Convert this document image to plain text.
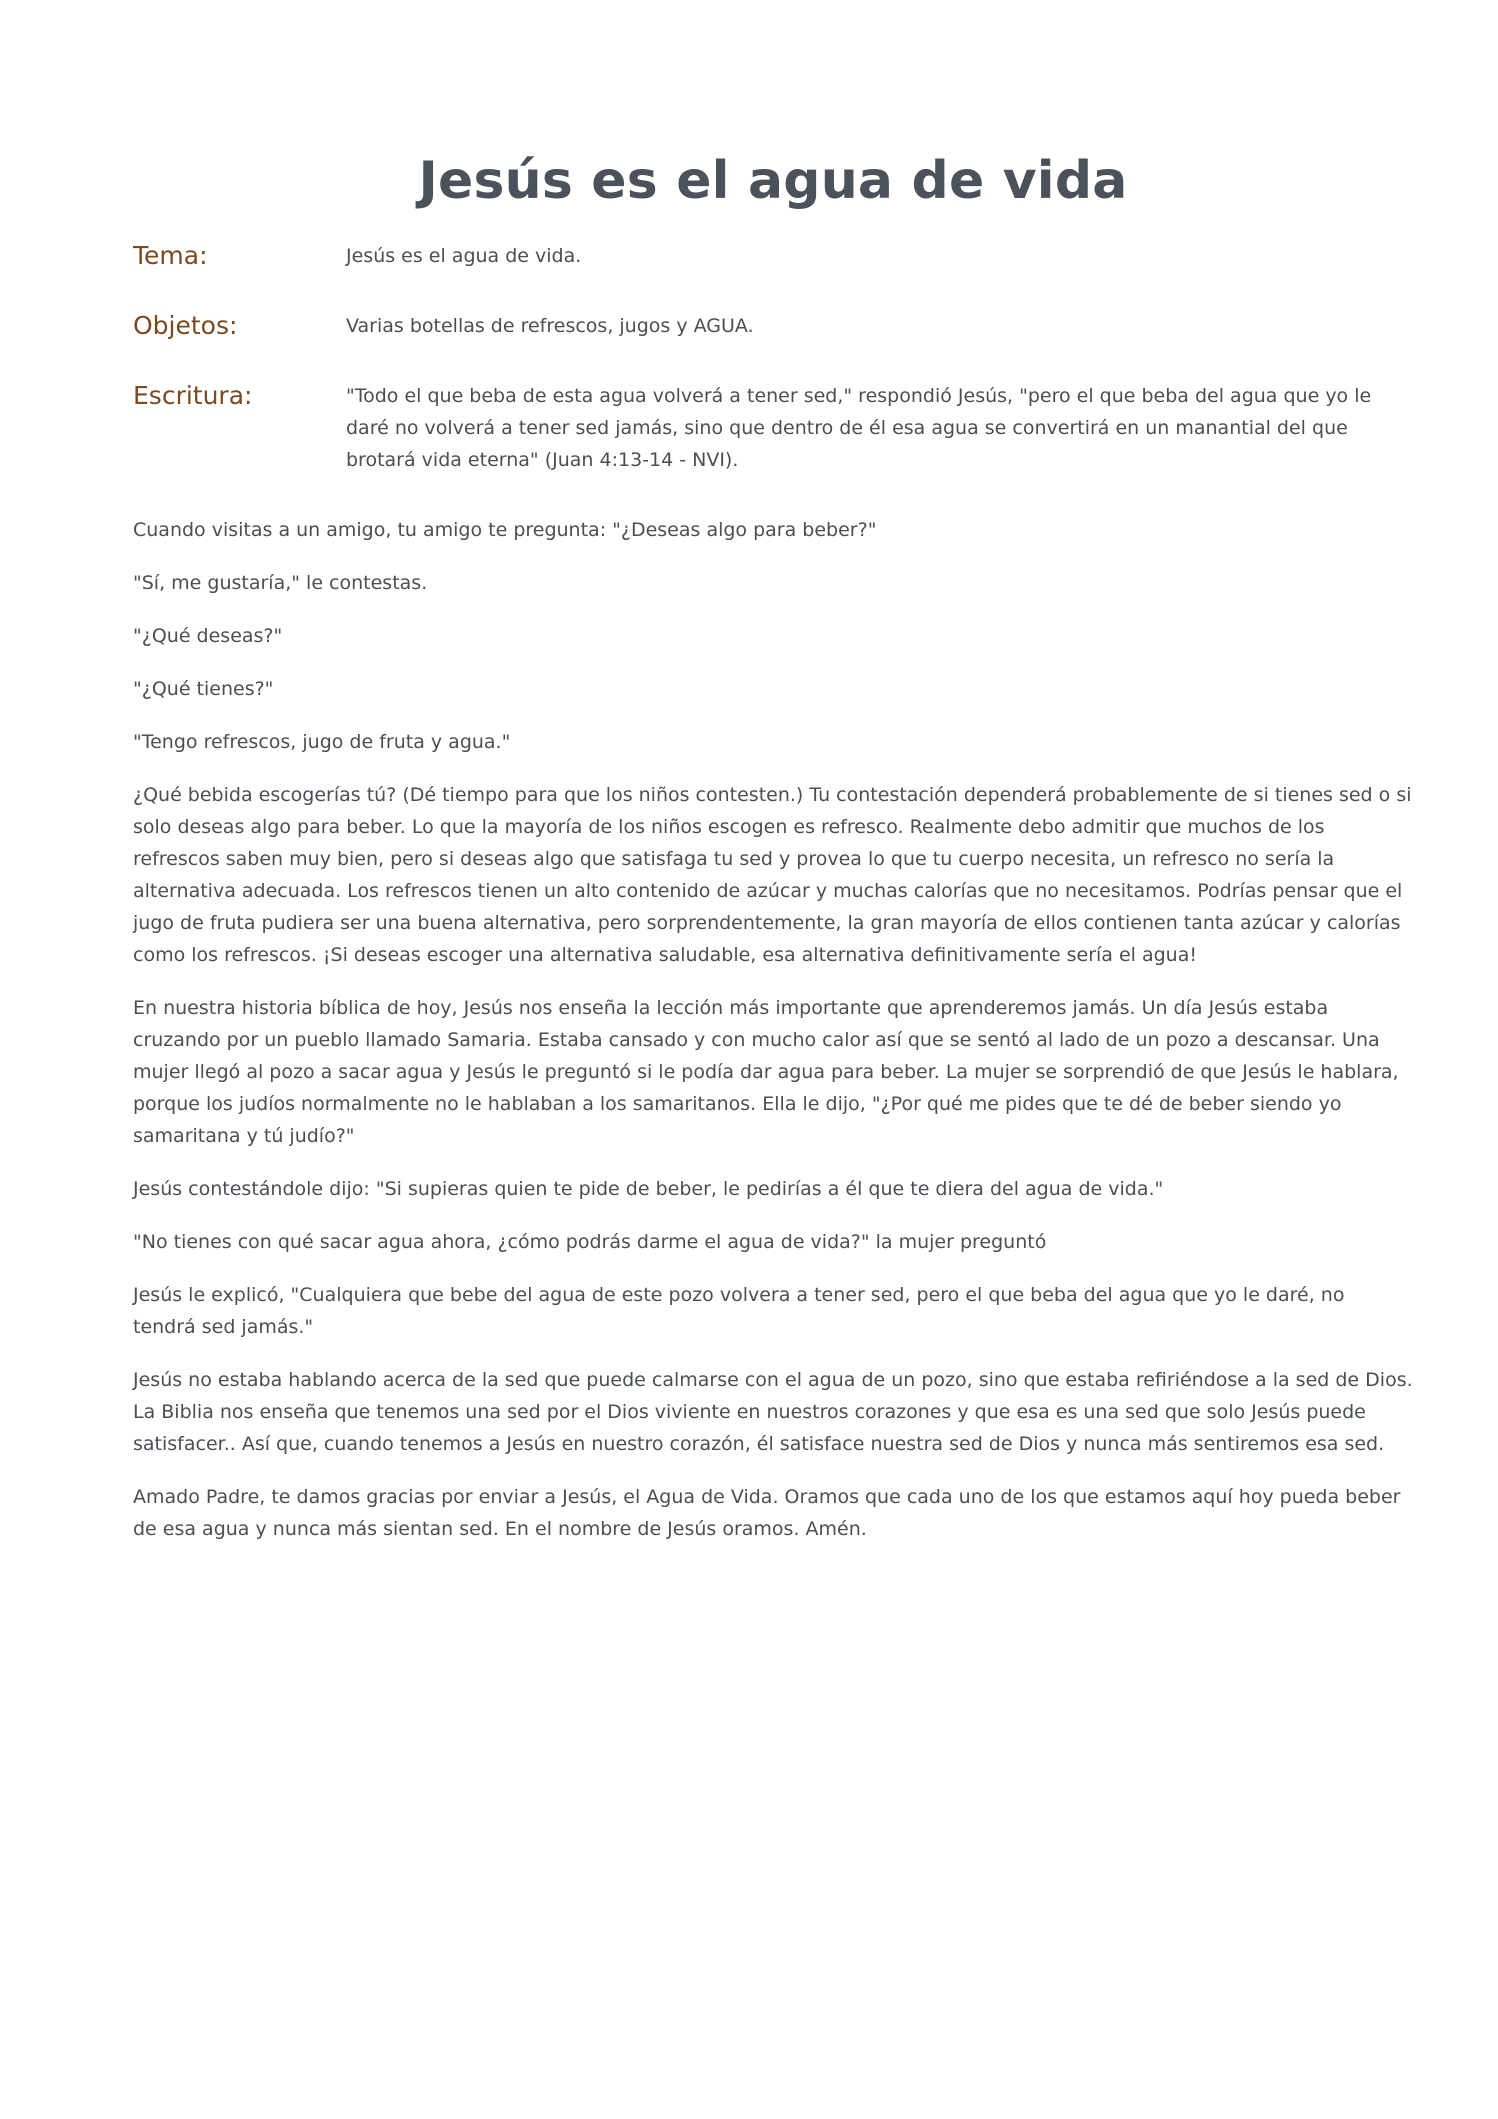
Jesús es el agua de vida
Tema:	Jesús es el agua de vida.
Objetos:	Varias botellas de refrescos, jugos y AGUA.
Escritura:	"Todo el que beba de esta agua volverá a tener sed," respondió Jesús, "pero el que beba del agua que yo le daré no volverá a tener sed jamás, sino que dentro de él esa agua se convertirá en un manantial del que brotará vida eterna" (Juan 4:13-14 - NVI).

Cuando visitas a un amigo, tu amigo te pregunta: "¿Deseas algo para beber?"

"Sí, me gustaría," le contestas.

"¿Qué deseas?"

"¿Qué tienes?"

"Tengo refrescos, jugo de fruta y agua."

¿Qué bebida escogerías tú? (Dé tiempo para que los niños contesten.) Tu contestación dependerá probablemente de si tienes sed o si solo deseas algo para beber. Lo que la mayoría de los niños escogen es refresco. Realmente debo admitir que muchos de los refrescos saben muy bien, pero si deseas algo que satisfaga tu sed y provea lo que tu cuerpo necesita, un refresco no sería la alternativa adecuada. Los refrescos tienen un alto contenido de azúcar y muchas calorías que no necesitamos. Podrías pensar que el jugo de fruta pudiera ser una buena alternativa, pero sorprendentemente, la gran mayoría de ellos contienen tanta azúcar y calorías como los refrescos. ¡Si deseas escoger una alternativa saludable, esa alternativa definitivamente sería el agua!

En nuestra historia bíblica de hoy, Jesús nos enseña la lección más importante que aprenderemos jamás. Un día Jesús estaba cruzando por un pueblo llamado Samaria. Estaba cansado y con mucho calor así que se sentó al lado de un pozo a descansar. Una mujer llegó al pozo a sacar agua y Jesús le preguntó si le podía dar agua para beber. La mujer se sorprendió de que Jesús le hablara, porque los judíos normalmente no le hablaban a los samaritanos. Ella le dijo, "¿Por qué me pides que te dé de beber siendo yo samaritana y tú judío?"

Jesús contestándole dijo: "Si supieras quien te pide de beber, le pedirías a él que te diera del agua de vida."

"No tienes con qué sacar agua ahora, ¿cómo podrás darme el agua de vida?" la mujer preguntó

Jesús le explicó, "Cualquiera que bebe del agua de este pozo volvera a tener sed, pero el que beba del agua que yo le daré, no tendrá sed jamás."

Jesús no estaba hablando acerca de la sed que puede calmarse con el agua de un pozo, sino que estaba refiriéndose a la sed de Dios. La Biblia nos enseña que tenemos una sed por el Dios viviente en nuestros corazones y que esa es una sed que solo Jesús puede satisfacer.. Así que, cuando tenemos a Jesús en nuestro corazón, él satisface nuestra sed de Dios y nunca más sentiremos esa sed.

Amado Padre, te damos gracias por enviar a Jesús, el Agua de Vida. Oramos que cada uno de los que estamos aquí hoy pueda beber de esa agua y nunca más sientan sed. En el nombre de Jesús oramos. Amén.
